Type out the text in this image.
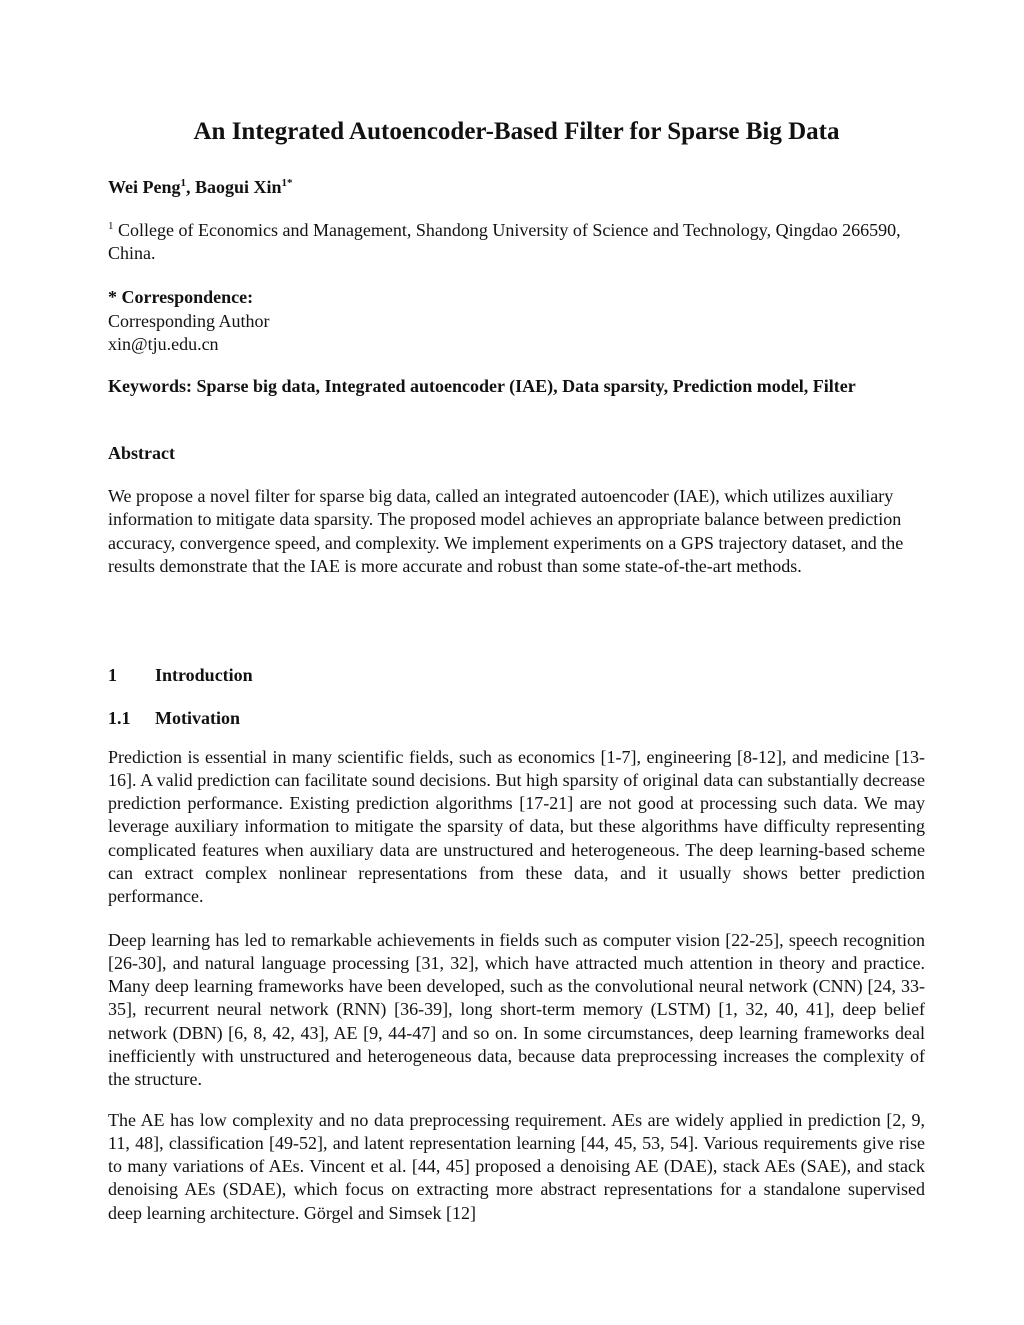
An Integrated Autoencoder-Based Filter for Sparse Big Data
Wei Peng$^1$, Baogui Xin$^{1*}$
$^1$ College of Economics and Management, Shandong University of Science and Technology, Qingdao 266590, China.
* Correspondence:
Corresponding Author
xin@tju.edu.cn
Keywords: Sparse big data, Integrated autoencoder (IAE), Data sparsity, Prediction model, Filter
Abstract
We propose a novel filter for sparse big data, called an integrated autoencoder (IAE), which utilizes auxiliary information to mitigate data sparsity. The proposed model achieves an appropriate balance between prediction accuracy, convergence speed, and complexity. We implement experiments on a GPS trajectory dataset, and the results demonstrate that the IAE is more accurate and robust than some state-of-the-art methods.
1 Introduction
1.1 Motivation
Prediction is essential in many scientific fields, such as economics [1-7], engineering [8-12], and medicine [13-16]. A valid prediction can facilitate sound decisions. But high sparsity of original data can substantially decrease prediction performance. Existing prediction algorithms [17-21] are not good at processing such data. We may leverage auxiliary information to mitigate the sparsity of data, but these algorithms have difficulty representing complicated features when auxiliary data are unstructured and heterogeneous. The deep learning-based scheme can extract complex nonlinear representations from these data, and it usually shows better prediction performance.
Deep learning has led to remarkable achievements in fields such as computer vision [22-25], speech recognition [26-30], and natural language processing [31, 32], which have attracted much attention in theory and practice. Many deep learning frameworks have been developed, such as the convolutional neural network (CNN) [24, 33-35], recurrent neural network (RNN) [36-39], long short-term memory (LSTM) [1, 32, 40, 41], deep belief network (DBN) [6, 8, 42, 43], AE [9, 44-47] and so on. In some circumstances, deep learning frameworks deal inefficiently with unstructured and heterogeneous data, because data preprocessing increases the complexity of the structure.
The AE has low complexity and no data preprocessing requirement. AEs are widely applied in prediction [2, 9, 11, 48], classification [49-52], and latent representation learning [44, 45, 53, 54]. Various requirements give rise to many variations of AEs. Vincent et al. [44, 45] proposed a denoising AE (DAE), stack AEs (SAE), and stack denoising AEs (SDAE), which focus on extracting more abstract representations for a standalone supervised deep learning architecture. Görgel and Simsek [12]
